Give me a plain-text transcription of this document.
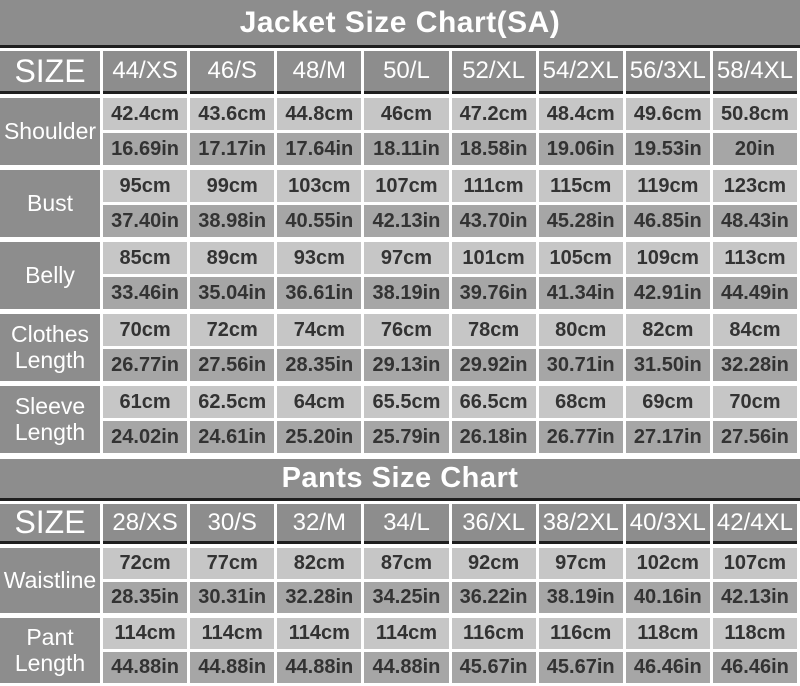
Jacket Size Chart(SA)
SIZE	44/XS	46/S	48/M	50/L	52/XL 54/2XL 56/3XL 58/4XL
Shoulder
42.4cm 43.6cm 44.8cm	46cm	47.2cm 48.4cm 49.6cm 50.8cm
16.69in 17.17in 17.64in 18.11in 18.58in 19.06in 19.53in	20in
Bust
95cm	99cm	103cm	107cm	111cm	115cm	119cm	123cm
37.40in 38.98in 40.55in 42.13in 43.70in 45.28in 46.85in 48.43in
Belly
85cm	89cm	93cm	97cm	101cm	105cm	109cm	113cm
33.46in 35.04in 36.61in 38.19in 39.76in 41.34in 42.91in 44.49in
Clothes Length
70cm	72cm	74cm	76cm	78cm	80cm	82cm	84cm
26.77in 27.56in 28.35in 29.13in 29.92in 30.71in 31.50in 32.28in
Sleeve Length
61cm	62.5cm	64cm	65.5cm 66.5cm	68cm	69cm	70cm
24.02in 24.61in 25.20in 25.79in 26.18in 26.77in 27.17in 27.56in
Pants Size Chart
SIZE	28/XS	30/S	32/M	34/L	36/XL 38/2XL 40/3XL 42/4XL
Waistline
72cm	77cm	82cm	87cm	92cm	97cm	102cm	107cm
28.35in 30.31in 32.28in 34.25in 36.22in 38.19in 40.16in 42.13in
Pant Length
114cm	114cm	114cm	114cm	116cm	116cm	118cm	118cm
44.88in 44.88in 44.88in 44.88in 45.67in 45.67in 46.46in 46.46in
